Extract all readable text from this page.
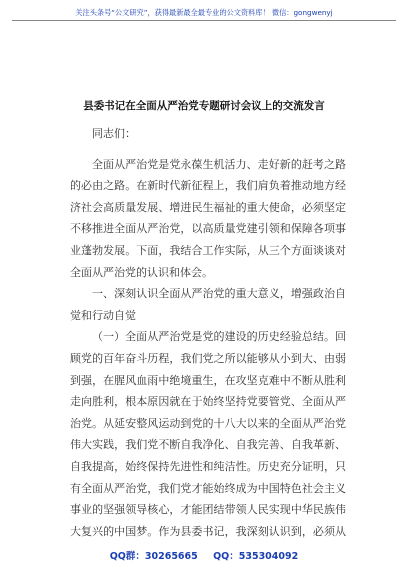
关注头条号“公文研究”，获得最新最全最专业的公文资料库！ 微信：gongwenyj
县委书记在全面从严治党专题研讨会议上的交流发言
同志们：
全面从严治党是党永葆生机活力、走好新的赶考之路
的必由之路。在新时代新征程上，我们肩负着推动地方经
济社会高质量发展、增进民生福祉的重大使命，必须坚定
不移推进全面从严治党，以高质量党建引领和保障各项事
业蓬勃发展。下面，我结合工作实际，从三个方面谈谈对
全面从严治党的认识和体会。
一、深刻认识全面从严治党的重大意义，增强政治自
觉和行动自觉
（一）全面从严治党是党的建设的历史经验总结。回
顾党的百年奋斗历程，我们党之所以能够从小到大、由弱
到强，在腥风血雨中绝境重生，在攻坚克难中不断从胜利
走向胜利，根本原因就在于始终坚持党要管党、全面从严
治党。从延安整风运动到党的十八大以来的全面从严治党
伟大实践，我们党不断自我净化、自我完善、自我革新、
自我提高，始终保持先进性和纯洁性。历史充分证明，只
有全面从严治党，我们党才能始终成为中国特色社会主义
事业的坚强领导核心，才能团结带领人民实现中华民族伟
大复兴的中国梦。作为县委书记，我深刻认识到，必须从
QQ群：30265665 QQ：535304092
